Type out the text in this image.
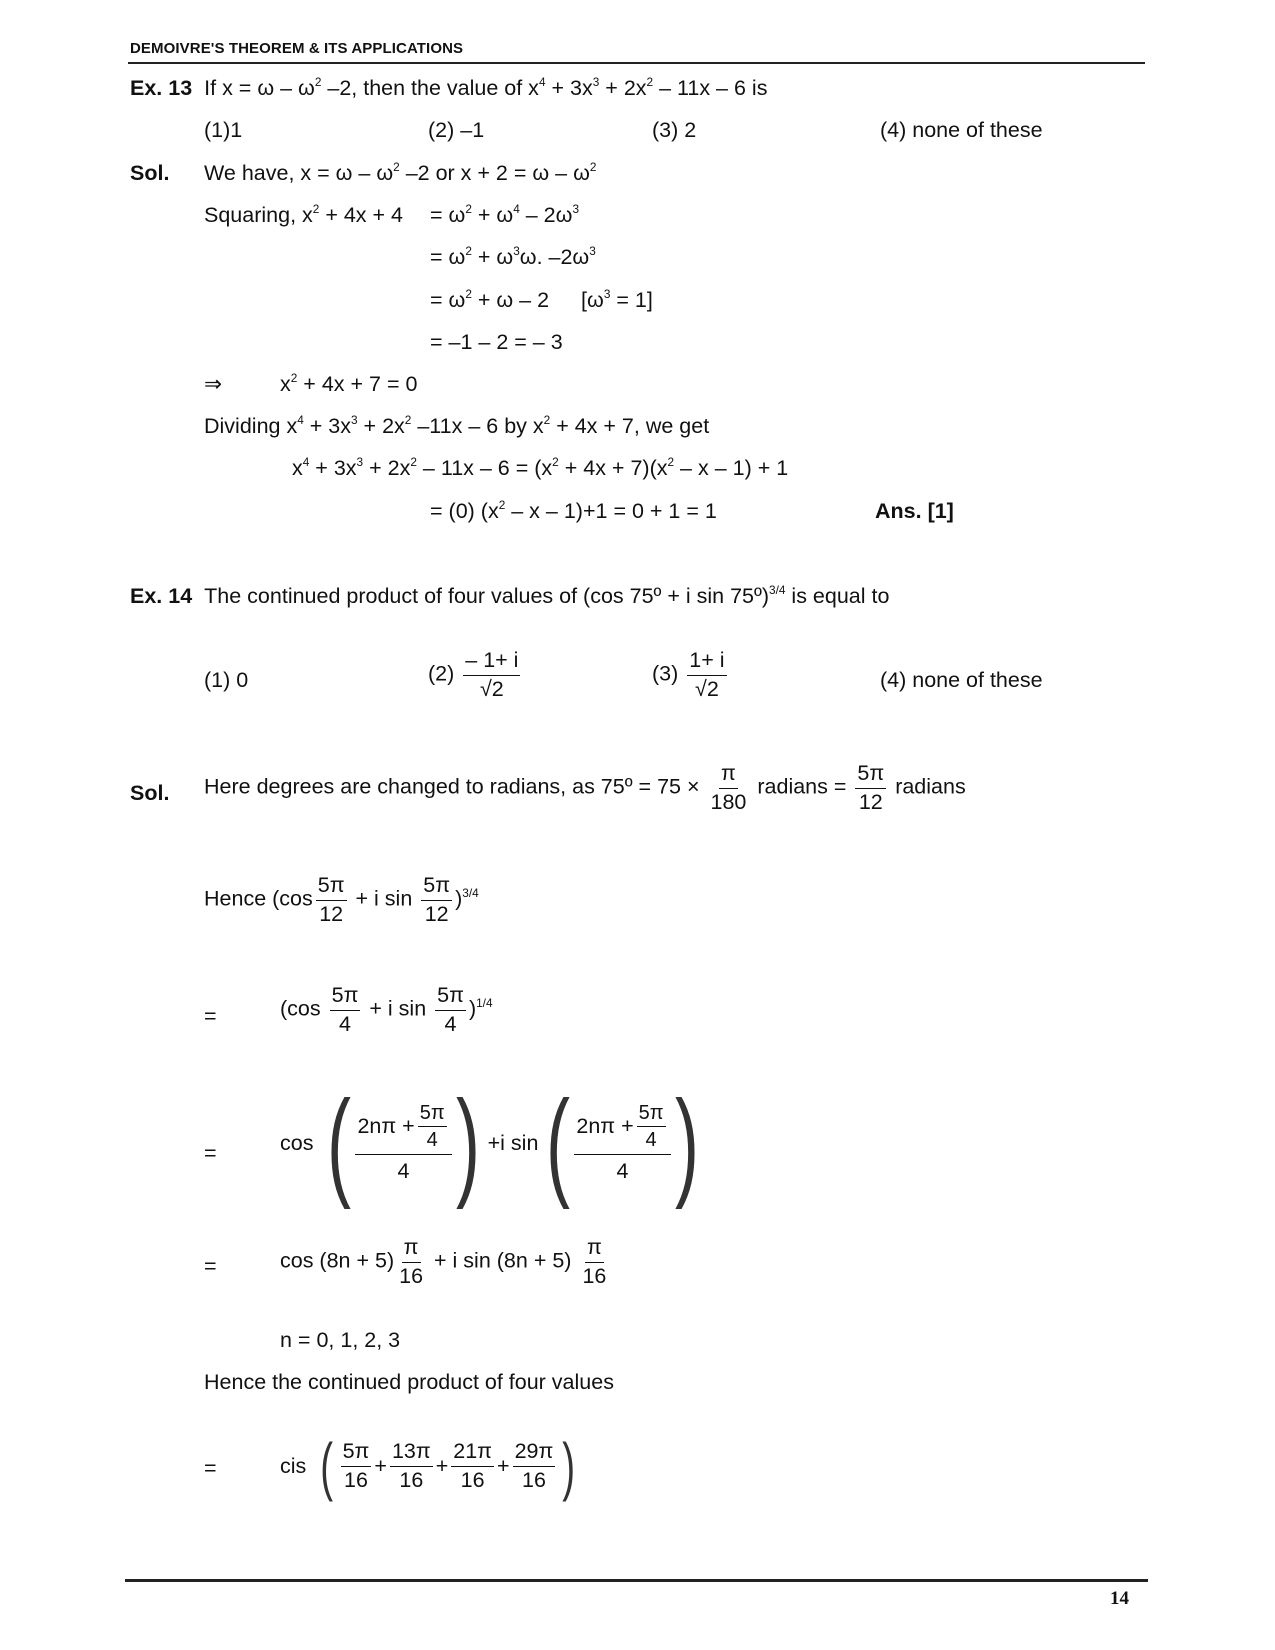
DEMOIVRE'S THEOREM & ITS APPLICATIONS
Ex. 13 If $x = \omega - \omega^2$ –2, then the value of $x^4 + 3x^3 + 2x^2 - 11x - 6$ is
(1)1	(2) –1	(3) 2	(4) none of these
Sol. We have, $x = \omega - \omega^2$ –2 or $x + 2 = \omega - \omega^2$
Squaring, $x^2 + 4x + 4 = \omega^2 + \omega^4 - 2\omega^3$
= $\omega^2 + \omega^3\omega$. $-2\omega^3$
= $\omega^2 + \omega - 2$ $[\omega^3 = 1]$
= –1 – 2 = – 3
⇒	$x^2 + 4x + 7 = 0$
Dividing $x^4 + 3x^3 + 2x^2$ –11x – 6 by $x^2 + 4x + 7$, we get
$x^4 + 3x^3 + 2x^2 - 11x - 6 = (x^2 + 4x + 7)(x^2 - x - 1) + 1$
= (0) $(x^2 - x - 1)+1 = 0 + 1 = 1$	Ans. [1]
Ex. 14 The continued product of four values of (cos 75º + i sin 75º)$^{3/4}$ is equal to
(1) 0	$(2) \frac{- 1+ i}{√2}$	$(3) \frac{1+ i}{√2}$	(4) none of these
Sol. Here degrees are changed to radians, as 75º = $75 \times \frac{\pi}{180}$ radians = $\frac{5\pi}{12}$ radians
Hence ($\cos \frac{5\pi}{12} + i$ $\sin \frac{5\pi}{12} )^{3/4}$
=	($\cos \frac{5\pi}{4} + i$ $\sin \frac{5\pi}{4} )^{1/4}$
=	cos ( $\frac{2n\pi + \frac{5\pi}{4}}{4}$ ) +i sin ( $\frac{2n\pi + \frac{5\pi}{4}}{4}$ )
=	$\cos (8n + 5) \frac{\pi}{16} + i$ $\sin (8n + 5) \frac{\pi}{16}$
n = 0, 1, 2, 3
Hence the continued product of four values
=	cis ( $\frac{5\pi}{16} + \frac{13\pi}{16} + \frac{21\pi}{16} + \frac{29\pi}{16}$ )
14
